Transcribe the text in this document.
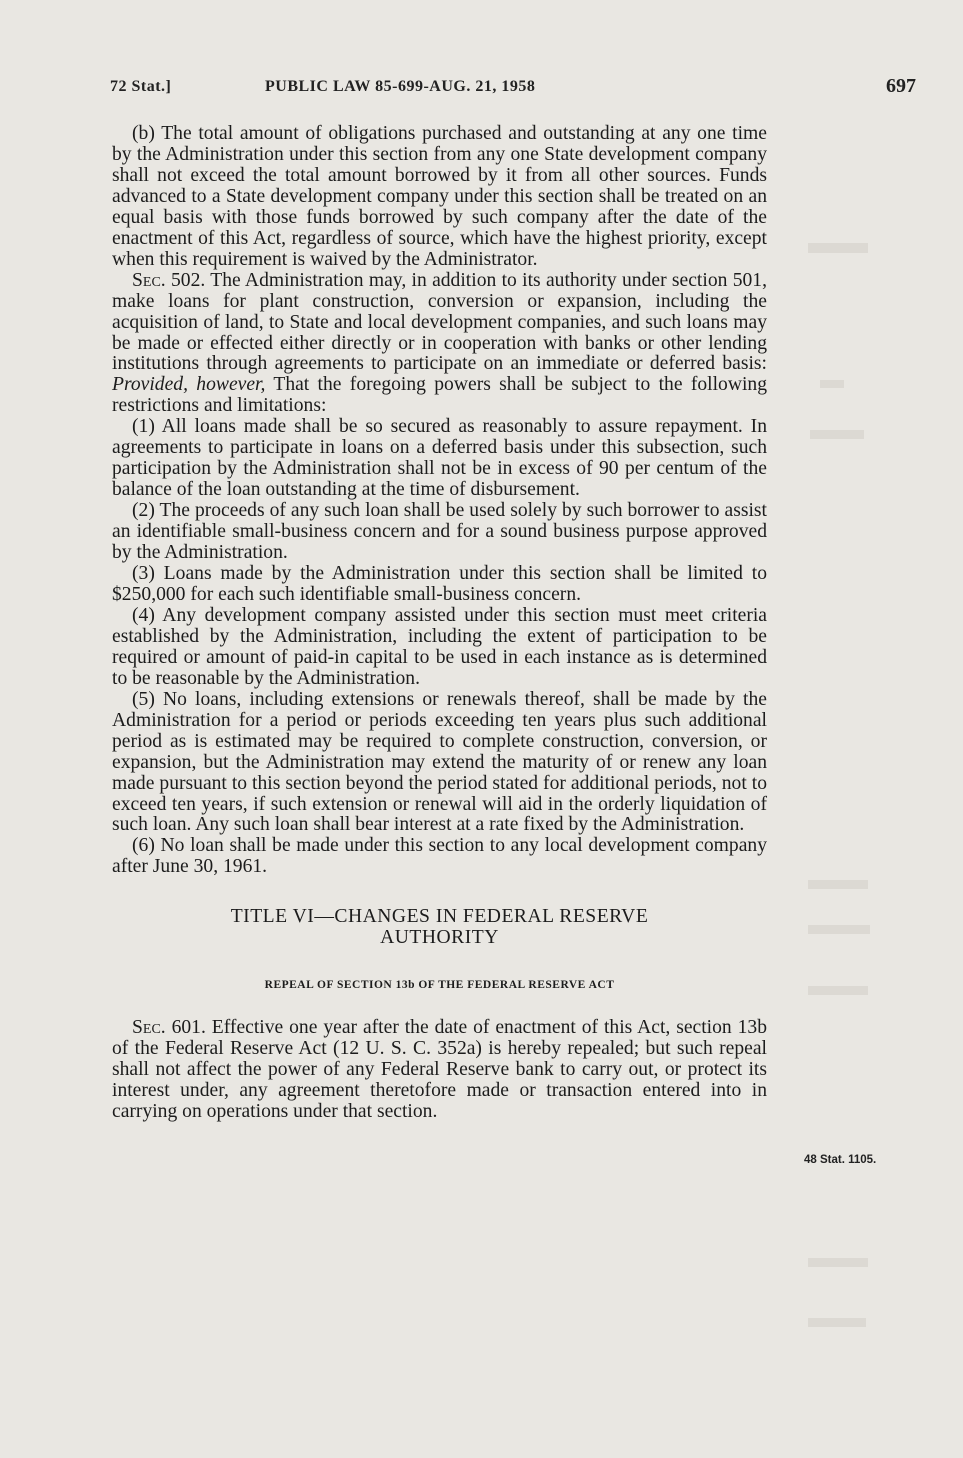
72 Stat.]	PUBLIC LAW 85-699-AUG. 21, 1958	697

(b) The total amount of obligations purchased and outstanding at any one time by the Administration under this section from any one State development company shall not exceed the total amount borrowed by it from all other sources. Funds advanced to a State development company under this section shall be treated on an equal basis with those funds borrowed by such company after the date of the enactment of this Act, regardless of source, which have the highest priority, except when this requirement is waived by the Administrator.

Sec. 502. The Administration may, in addition to its authority under section 501, make loans for plant construction, conversion or expansion, including the acquisition of land, to State and local development companies, and such loans may be made or effected either directly or in cooperation with banks or other lending institutions through agreements to participate on an immediate or deferred basis: Provided, however, That the foregoing powers shall be subject to the following restrictions and limitations:

(1) All loans made shall be so secured as reasonably to assure repayment. In agreements to participate in loans on a deferred basis under this subsection, such participation by the Administration shall not be in excess of 90 per centum of the balance of the loan outstanding at the time of disbursement.

(2) The proceeds of any such loan shall be used solely by such borrower to assist an identifiable small-business concern and for a sound business purpose approved by the Administration.

(3) Loans made by the Administration under this section shall be limited to $250,000 for each such identifiable small-business concern.

(4) Any development company assisted under this section must meet criteria established by the Administration, including the extent of participation to be required or amount of paid-in capital to be used in each instance as is determined to be reasonable by the Administration.

(5) No loans, including extensions or renewals thereof, shall be made by the Administration for a period or periods exceeding ten years plus such additional period as is estimated may be required to complete construction, conversion, or expansion, but the Administration may extend the maturity of or renew any loan made pursuant to this section beyond the period stated for additional periods, not to exceed ten years, if such extension or renewal will aid in the orderly liquidation of such loan. Any such loan shall bear interest at a rate fixed by the Administration.

(6) No loan shall be made under this section to any local development company after June 30, 1961.

TITLE VI—CHANGES IN FEDERAL RESERVE
AUTHORITY
REPEAL OF SECTION 13b OF THE FEDERAL RESERVE ACT

Sec. 601. Effective one year after the date of enactment of this Act, section 13b of the Federal Reserve Act (12 U. S. C. 352a) is hereby repealed; but such repeal shall not affect the power of any Federal Reserve bank to carry out, or protect its interest under, any agreement theretofore made or transaction entered into in carrying on operations under that section.

48 Stat. 1105.
